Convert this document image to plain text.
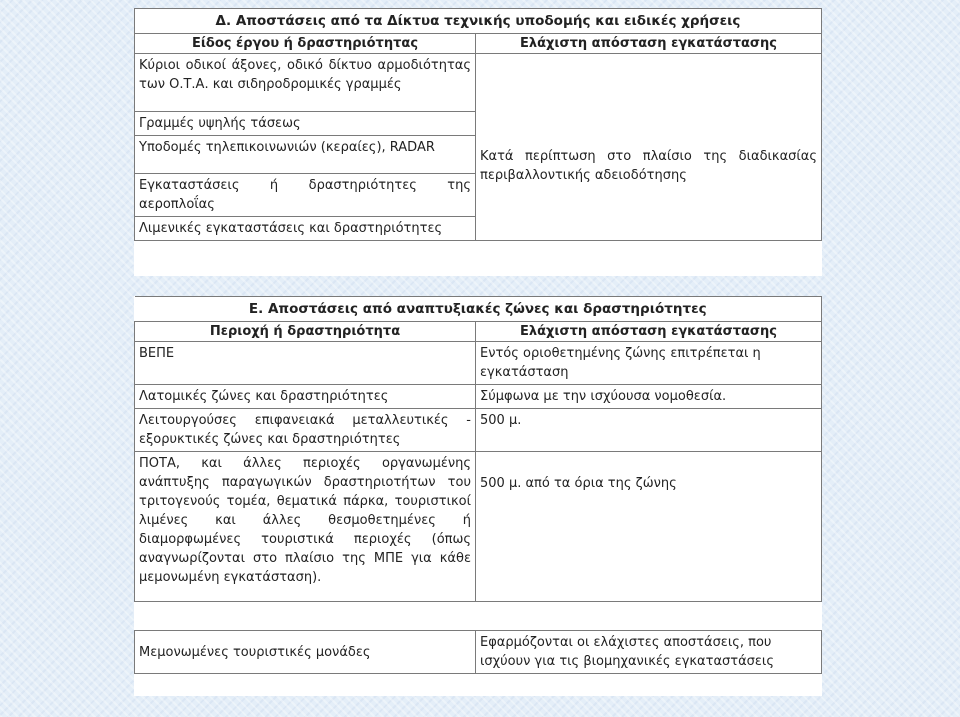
Δ. Αποστάσεις από τα Δίκτυα τεχνικής υποδομής και ειδικές χρήσεις	
Είδος έργου ή δραστηριότητας	Ελάχιστη απόσταση εγκατάστασης
Κύριοι οδικοί άξονες, οδικό δίκτυο αρμοδιότητας των Ο.Τ.Α. και σιδηροδρομικές γραμμές	Κατά περίπτωση στο πλαίσιο της διαδικασίας περιβαλλοντικής αδειοδότησης
Γραμμές υψηλής τάσεως	
Υποδομές τηλεπικοινωνιών (κεραίες), RADAR	
Εγκαταστάσεις ή δραστηριότητες της αεροπλοΐας	
Λιμενικές εγκαταστάσεις και δραστηριότητες	
Ε. Αποστάσεις από αναπτυξιακές ζώνες και δραστηριότητες	
Περιοχή ή δραστηριότητα	Ελάχιστη απόσταση εγκατάστασης
ΒΕΠΕ	Εντός οριοθετημένης ζώνης επιτρέπεται η εγκατάσταση
Λατομικές ζώνες και δραστηριότητες	Σύμφωνα με την ισχύουσα νομοθεσία.
Λειτουργούσες επιφανειακά μεταλλευτικές - εξορυκτικές ζώνες και δραστηριότητες	500 μ.
ΠΟΤΑ, και άλλες περιοχές οργανωμένης ανάπτυξης παραγωγικών δραστηριοτήτων του τριτογενούς τομέα, θεματικά πάρκα, τουριστικοί λιμένες και άλλες θεσμοθετημένες ή διαμορφωμένες τουριστικά περιοχές (όπως αναγνωρίζονται στο πλαίσιο της ΜΠΕ για κάθε μεμονωμένη εγκατάσταση).	500 μ. από τα όρια της ζώνης

Μεμονωμένες τουριστικές μονάδες	Εφαρμόζονται οι ελάχιστες αποστάσεις, που ισχύουν για τις βιομηχανικές εγκαταστάσεις
